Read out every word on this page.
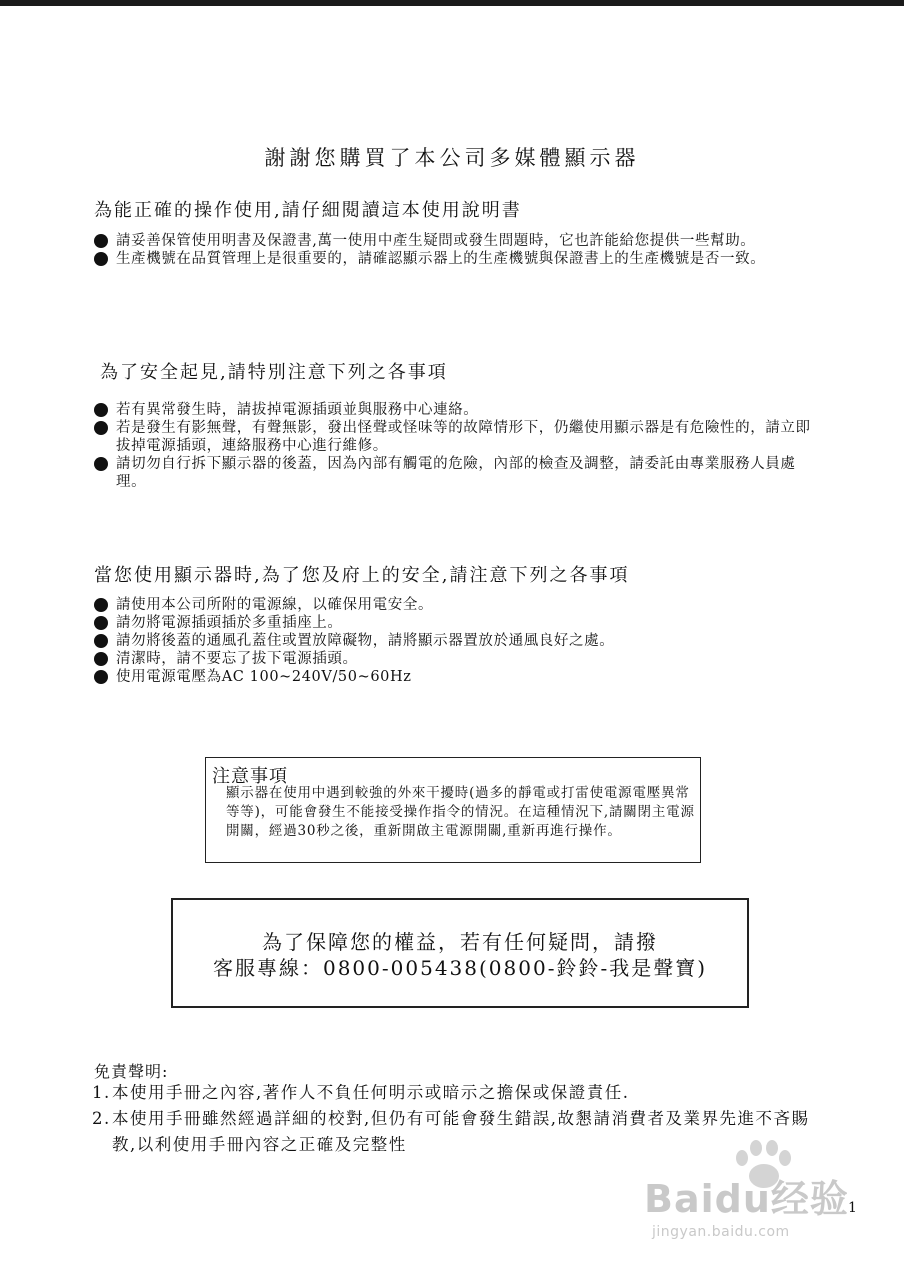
謝謝您購買了本公司多媒體顯示器
為能正確的操作使用,請仔細閱讀這本使用說明書
請妥善保管使用明書及保證書,萬一使用中產生疑問或發生問題時，它也許能給您提供一些幫助。
生產機號在品質管理上是很重要的，請確認顯示器上的生產機號與保證書上的生產機號是否一致。
為了安全起見,請特別注意下列之各事項
若有異常發生時，請拔掉電源插頭並與服務中心連絡。
若是發生有影無聲，有聲無影，發出怪聲或怪味等的故障情形下，仍繼使用顯示器是有危險性的，請立即拔掉電源插頭，連絡服務中心進行維修。
請切勿自行拆下顯示器的後蓋，因為內部有觸電的危險，內部的檢查及調整，請委託由專業服務人員處理。
當您使用顯示器時,為了您及府上的安全,請注意下列之各事項
請使用本公司所附的電源線，以確保用電安全。
請勿將電源插頭插於多重插座上。
請勿將後蓋的通風孔蓋住或置放障礙物，請將顯示器置放於通風良好之處。
清潔時，請不要忘了拔下電源插頭。
使用電源電壓為AC 100~240V/50~60Hz
注意事項
顯示器在使用中遇到較強的外來干擾時(過多的靜電或打雷使電源電壓異常等等)，可能會發生不能接受操作指令的情況。在這種情況下,請關閉主電源開關，經過30秒之後，重新開啟主電源開關,重新再進行操作。
為了保障您的權益，若有任何疑問，請撥
客服專線：0800-005438(0800-鈴鈴-我是聲寶)
免責聲明:
1. 本使用手冊之內容,著作人不負任何明示或暗示之擔保或保證責任.
2. 本使用手冊雖然經過詳細的校對,但仍有可能會發生錯誤,故懇請消費者及業界先進不吝賜教,以利使用手冊內容之正確及完整性
Baidu经验
jingyan.baidu.com
1
